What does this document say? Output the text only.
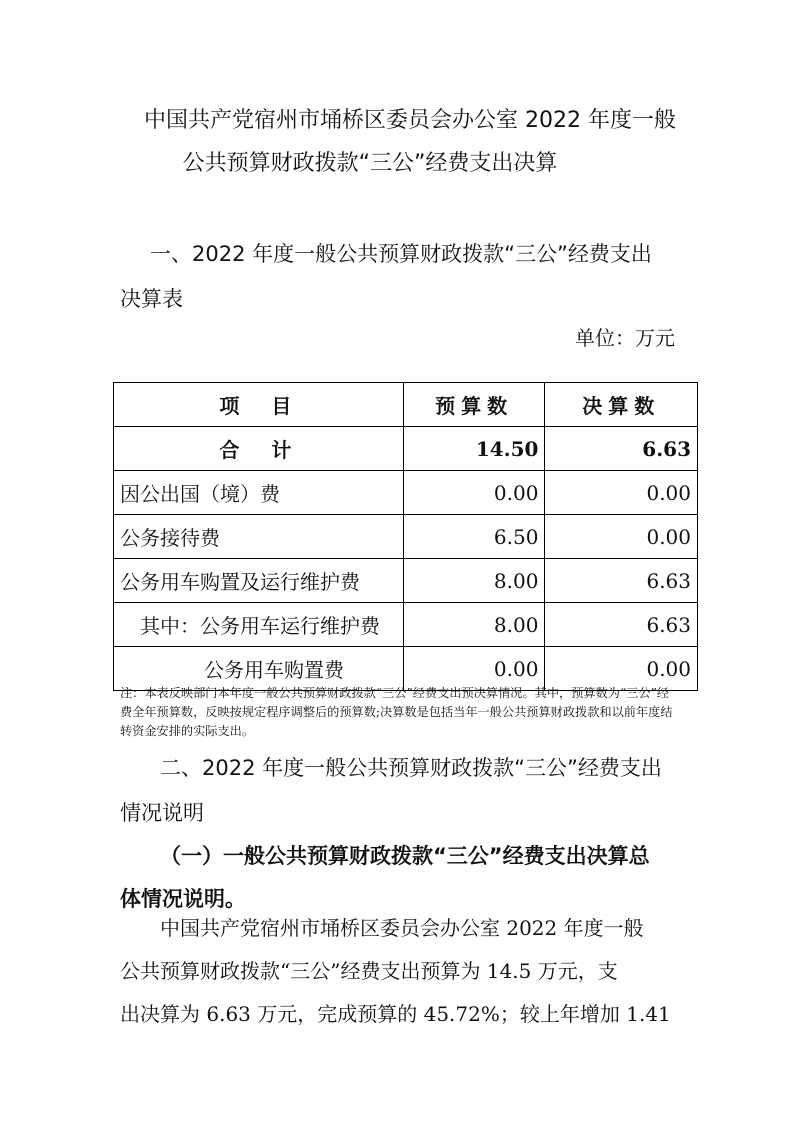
中国共产党宿州市埇桥区委员会办公室 2022 年度一般
公共预算财政拨款“三公”经费支出决算
一、2022 年度一般公共预算财政拨款“三公”经费支出
决算表
单位：万元
项　目	预算数	决算数
合　计	14.50	6.63
因公出国（境）费	0.00	0.00
公务接待费	6.50	0.00
公务用车购置及运行维护费	8.00	6.63
其中：公务用车运行维护费	8.00	6.63
公务用车购置费	0.00	0.00
注：本表反映部门本年度一般公共预算财政拨款“三公”经费支出预决算情况。其中，预算数为“三公”经费全年预算数，反映按规定程序调整后的预算数;决算数是包括当年一般公共预算财政拨款和以前年度结转资金安排的实际支出。
二、2022 年度一般公共预算财政拨款“三公”经费支出
情况说明
（一）一般公共预算财政拨款“三公”经费支出决算总
体情况说明。
中国共产党宿州市埇桥区委员会办公室 2022 年度一般
公共预算财政拨款“三公”经费支出预算为 14.5 万元，支
出决算为 6.63 万元，完成预算的 45.72%；较上年增加 1.41
